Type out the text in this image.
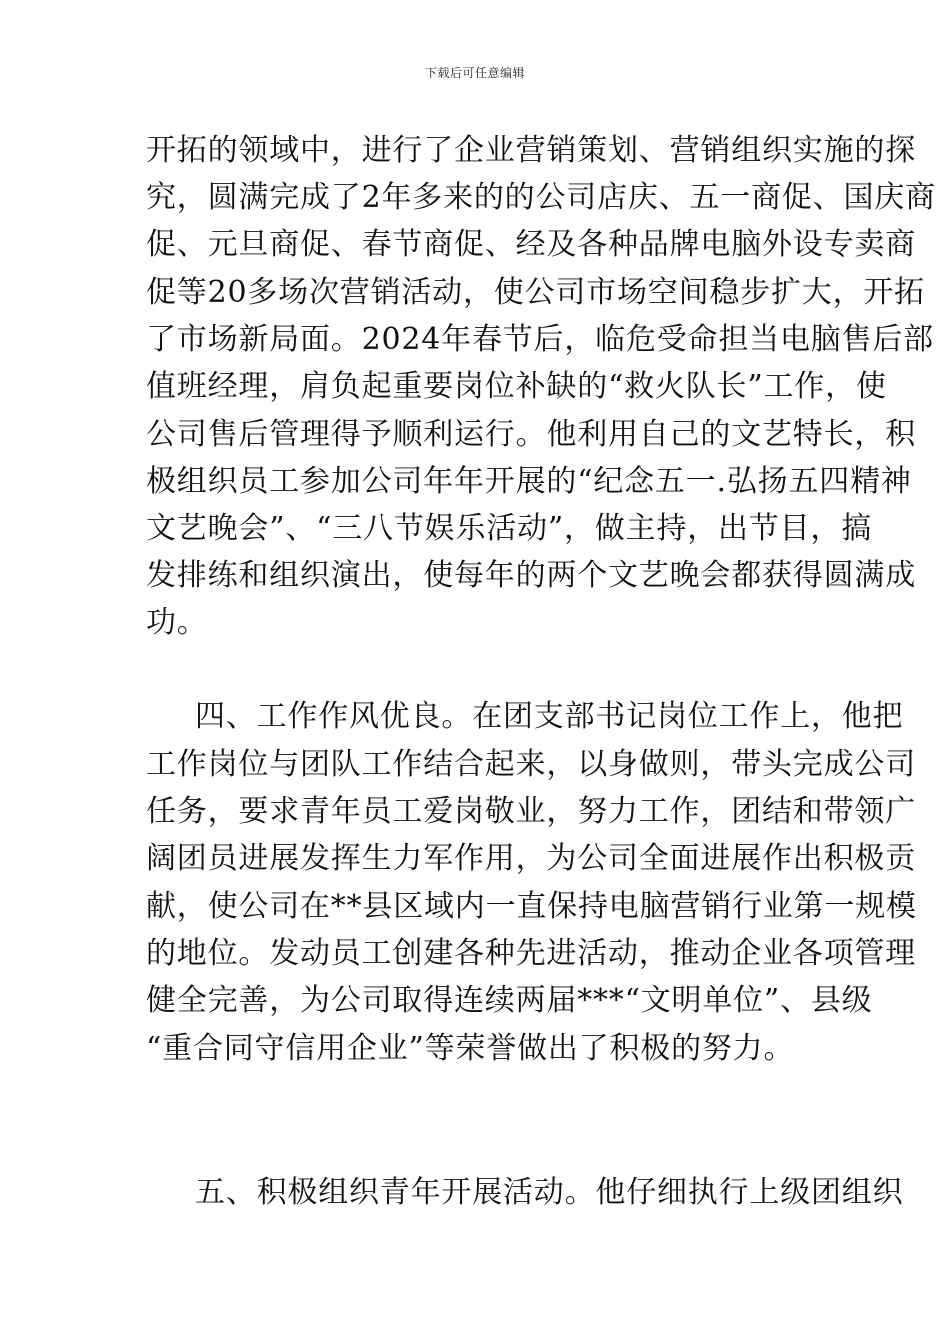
下载后可任意编辑
开拓的领域中，进行了企业营销策划、营销组织实施的探
究，圆满完成了2年多来的的公司店庆、五一商促、国庆商
促、元旦商促、春节商促、经及各种品牌电脑外设专卖商
促等20多场次营销活动，使公司市场空间稳步扩大，开拓
了市场新局面。2024年春节后，临危受命担当电脑售后部
值班经理，肩负起重要岗位补缺的“救火队长”工作，使
公司售后管理得予顺利运行。他利用自己的文艺特长，积
极组织员工参加公司年年开展的“纪念五一.弘扬五四精神
文艺晚会”、“三八节娱乐活动”，做主持，出节目，搞
发排练和组织演出，使每年的两个文艺晚会都获得圆满成
功。
四、工作作风优良。在团支部书记岗位工作上，他把
工作岗位与团队工作结合起来，以身做则，带头完成公司
任务，要求青年员工爱岗敬业，努力工作，团结和带领广
阔团员进展发挥生力军作用，为公司全面进展作出积极贡
献，使公司在**县区域内一直保持电脑营销行业第一规模
的地位。发动员工创建各种先进活动，推动企业各项管理
健全完善，为公司取得连续两届***“文明单位”、县级
“重合同守信用企业”等荣誉做出了积极的努力。
五、积极组织青年开展活动。他仔细执行上级团组织
